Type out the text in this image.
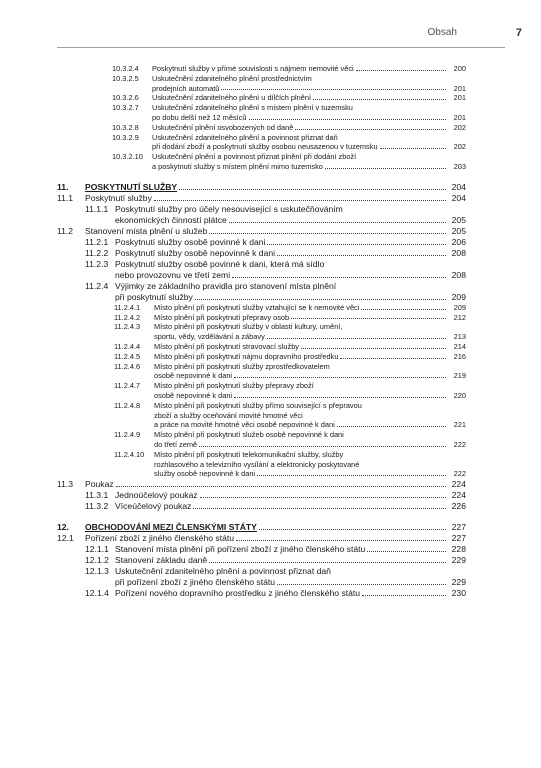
Obsah	7
10.3.2.4	Poskytnutí služby v přímé souvislosti s nájmem nemovité věci	200
10.3.2.5	Uskutečnění zdanitelného plnění prostřednictvím
prodejních automatů	201
10.3.2.6	Uskutečnění zdanitelného plnění u dílčích plnění	201
10.3.2.7	Uskutečnění zdanitelného plnění s místem plnění v tuzemsku
po dobu delší než 12 měsíců	201
10.3.2.8	Uskutečnění plnění osvobozených od daně	202
10.3.2.9	Uskutečnění zdanitelného plnění a povinnost přiznat daň
při dodání zboží a poskytnutí služby osobou neusazenou v tuzemsku	202
10.3.2.10	Uskutečnění plnění a povinnost přiznat plnění při dodání zboží
a poskytnutí služby s místem plnění mimo tuzemsko	203
11.	POSKYTNUTÍ SLUŽBY	204
11.1	Poskytnutí služby	204
11.1.1 Poskytnutí služby pro účely nesouvisející s uskutečňováním
ekonomických činností plátce	205
11.2	Stanovení místa plnění u služeb	205
11.2.1 Poskytnutí služby osobě povinné k dani	206
11.2.2 Poskytnutí služby osobě nepovinné k dani	208
11.2.3 Poskytnutí služby osobě povinné k dani, která má sídlo
nebo provozovnu ve třetí zemi	208
11.2.4 Výjimky ze základního pravidla pro stanovení místa plnění
při poskytnutí služby	209
11.2.4.1	Místo plnění při poskytnutí služby vztahující se k nemovité věci	209
11.2.4.2	Místo plnění při poskytnutí přepravy osob	212
11.2.4.3	Místo plnění při poskytnutí služby v oblasti kultury, umění,
sportu, vědy, vzdělávání a zábavy	213
11.2.4.4	Místo plnění při poskytnutí stravovací služby	214
11.2.4.5	Místo plnění při poskytnutí nájmu dopravního prostředku	216
11.2.4.6	Místo plnění při poskytnutí služby zprostředkovatelem
osobě nepovinné k dani	219
11.2.4.7	Místo plnění při poskytnutí služby přepravy zboží
osobě nepovinné k dani	220
11.2.4.8	Místo plnění při poskytnutí služby přímo související s přepravou
zboží a služby oceňování movité hmotné věci
a práce na movité hmotné věci osobě nepovinné k dani	221
11.2.4.9	Místo plnění při poskytnutí služeb osobě nepovinné k dani
do třetí země	222
11.2.4.10	Místo plnění při poskytnutí telekomunikační služby, služby
rozhlasového a televizního vysílání a elektronicky poskytované
služby osobě nepovinné k dani	222
11.3	Poukaz	224
11.3.1 Jednoúčelový poukaz	224
11.3.2 Víceúčelový poukaz	226
12.	OBCHODOVÁNÍ MEZI ČLENSKÝMI STÁTY	227
12.1	Pořízení zboží z jiného členského státu	227
12.1.1 Stanovení místa plnění při pořízení zboží z jiného členského státu	228
12.1.2 Stanovení základu daně	229
12.1.3 Uskutečnění zdanitelného plnění a povinnost přiznat daň
při pořízení zboží z jiného členského státu	229
12.1.4 Pořízení nového dopravního prostředku z jiného členského státu	230
